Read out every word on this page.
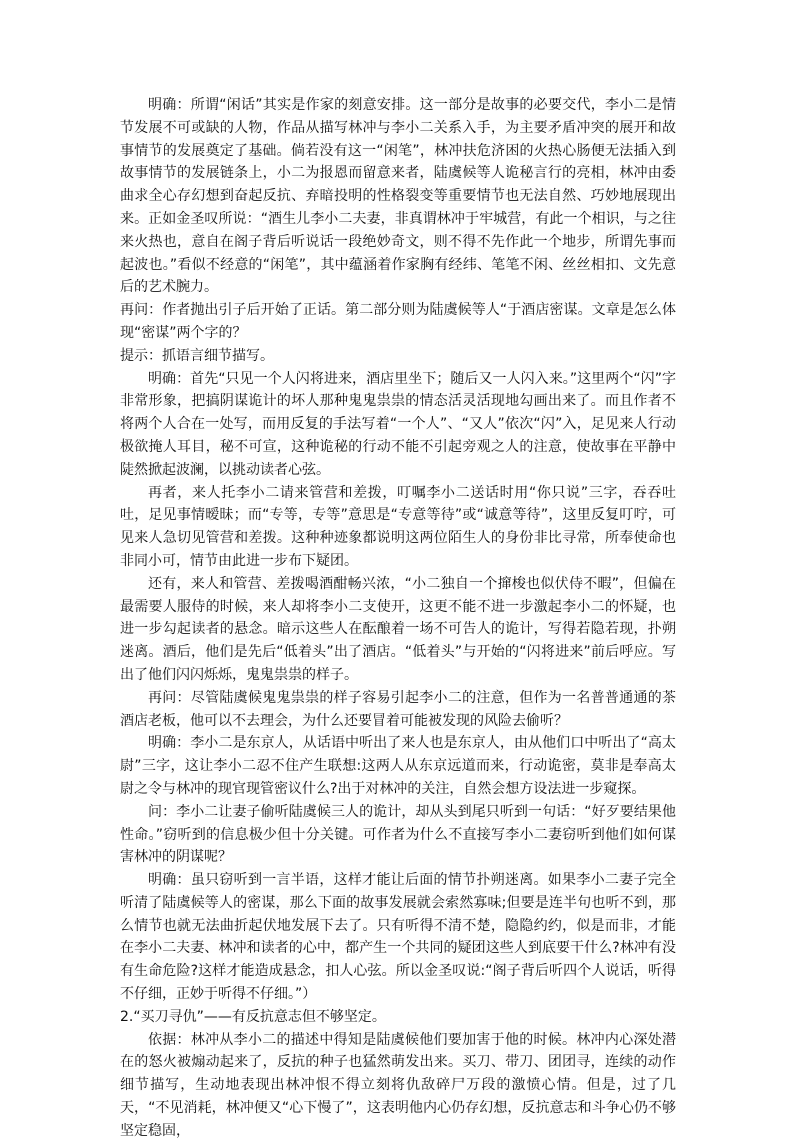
明确：所谓“闲话”其实是作家的刻意安排。这一部分是故事的必要交代，李小二是情节发展不可或缺的人物，作品从描写林冲与李小二关系入手，为主要矛盾冲突的展开和故事情节的发展奠定了基础。倘若没有这一“闲笔”，林冲扶危济困的火热心肠便无法插入到故事情节的发展链条上，小二为报恩而留意来者，陆虞候等人诡秘言行的亮相，林冲由委曲求全心存幻想到奋起反抗、弃暗投明的性格裂变等重要情节也无法自然、巧妙地展现出来。正如金圣叹所说：“酒生儿李小二夫妻，非真谓林冲于牢城营，有此一个相识，与之往来火热也，意自在阁子背后听说话一段绝妙奇文，则不得不先作此一个地步，所谓先事而起波也。”看似不经意的“闲笔”，其中蕴涵着作家胸有经纬、笔笔不闲、丝丝相扣、文先意后的艺术腕力。

再问：作者抛出引子后开始了正话。第二部分则为陆虞候等人“于酒店密谋。文章是怎么体现“密谋”两个字的？

提示：抓语言细节描写。

明确：首先“只见一个人闪将进来，酒店里坐下；随后又一人闪入来。”这里两个“闪”字非常形象，把搞阴谋诡计的坏人那种鬼鬼祟祟的情态活灵活现地勾画出来了。而且作者不将两个人合在一处写，而用反复的手法写着“一个人”、“又人”依次“闪”入，足见来人行动极欲掩人耳目，秘不可宣，这种诡秘的行动不能不引起旁观之人的注意，使故事在平静中陡然掀起波澜，以挑动读者心弦。

再者，来人托李小二请来管营和差拨，叮嘱李小二送话时用“你只说”三字，吞吞吐吐，足见事情暧昧；而“专等，专等”意思是“专意等待”或“诚意等待”，这里反复叮咛，可见来人急切见管营和差拨。这种种迹象都说明这两位陌生人的身份非比寻常，所奉使命也非同小可，情节由此进一步布下疑团。

还有，来人和管营、差拨喝酒酣畅兴浓，“小二独自一个撺梭也似伏侍不暇”，但偏在最需要人服侍的时候，来人却将李小二支使开，这更不能不进一步激起李小二的怀疑，也进一步勾起读者的悬念。暗示这些人在酝酿着一场不可告人的诡计，写得若隐若现，扑朔迷离。酒后，他们是先后“低着头”出了酒店。“低着头”与开始的“闪将进来”前后呼应。写出了他们闪闪烁烁，鬼鬼祟祟的样子。

再问：尽管陆虞候鬼鬼祟祟的样子容易引起李小二的注意，但作为一名普普通通的茶酒店老板，他可以不去理会，为什么还要冒着可能被发现的风险去偷听？

明确：李小二是东京人，从话语中听出了来人也是东京人，由从他们口中听出了“高太尉”三字，这让李小二忍不住产生联想:这两人从东京远道而来，行动诡密，莫非是奉高太尉之令与林冲的现官现管密议什么?出于对林冲的关注，自然会想方设法进一步窥探。

问：李小二让妻子偷听陆虞候三人的诡计，却从头到尾只听到一句话：“好歹要结果他性命。”窃听到的信息极少但十分关键。可作者为什么不直接写李小二妻窃听到他们如何谋害林冲的阴谋呢？

明确：虽只窃听到一言半语，这样才能让后面的情节扑朔迷离。如果李小二妻子完全听清了陆虞候等人的密谋，那么下面的故事发展就会索然寡味;但要是连半句也听不到，那么情节也就无法曲折起伏地发展下去了。只有听得不清不楚，隐隐约约，似是而非，才能在李小二夫妻、林冲和读者的心中，都产生一个共同的疑团这些人到底要干什么?林冲有没有生命危险?这样才能造成悬念，扣人心弦。所以金圣叹说:“阁子背后听四个人说话，听得不仔细，正妙于听得不仔细。”）

2.“买刀寻仇”——有反抗意志但不够坚定。

依据：林冲从李小二的描述中得知是陆虞候他们要加害于他的时候。林冲内心深处潜在的怒火被煽动起来了，反抗的种子也猛然萌发出来。买刀、带刀、团团寻，连续的动作细节描写，生动地表现出林冲恨不得立刻将仇敌碎尸万段的激愤心情。但是，过了几天，“不见消耗，林冲便又“心下慢了”，这表明他内心仍存幻想，反抗意志和斗争心仍不够坚定稳固，
